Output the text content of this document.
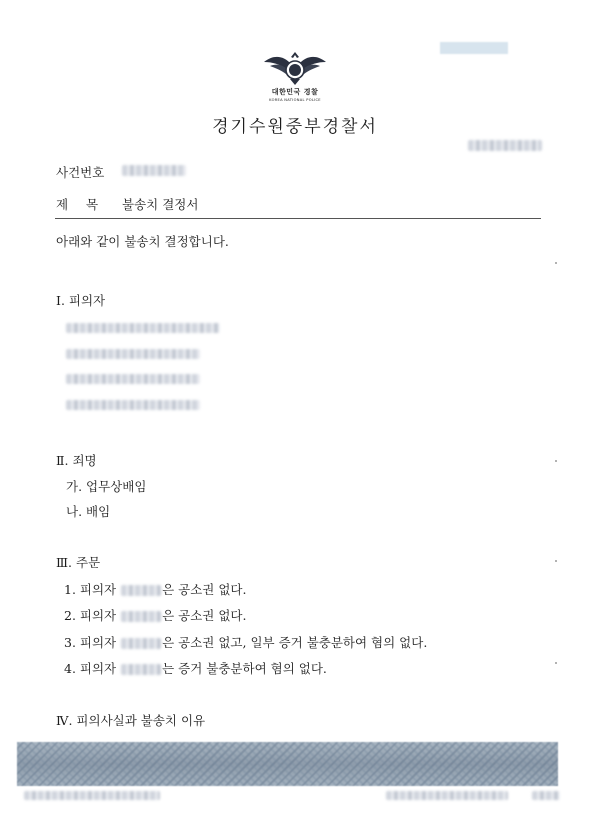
대한민국 경찰
KOREA NATIONAL POLICE
경기수원중부경찰서
사건번호
제 목 불송치 결정서
아래와 같이 불송치 결정합니다.
Ⅰ. 피의자
Ⅱ. 죄명
가. 업무상배임
나. 배임
Ⅲ. 주문
1. 피의자	은 공소권 없다.
2. 피의자	은 공소권 없다.
3. 피의자	은 공소권 없고, 일부 증거 불충분하여 혐의 없다.
4. 피의자	는 증거 불충분하여 혐의 없다.
Ⅳ. 피의사실과 불송치 이유
